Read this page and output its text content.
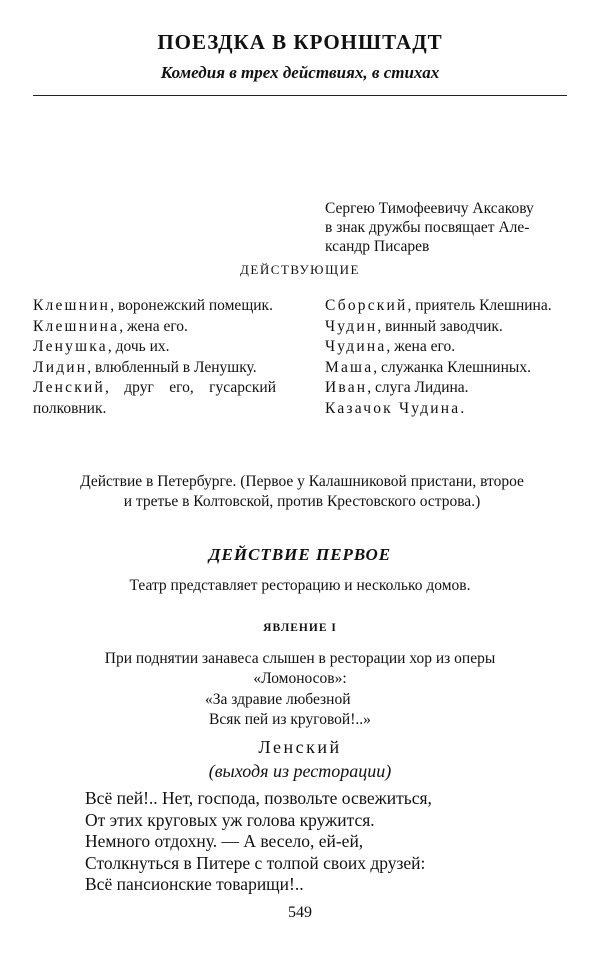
ПОЕЗДКА В КРОНШТАДТ
Комедия в трех действиях, в стихах
Сергею Тимофеевичу Аксакову
в знак дружбы посвящает Але-
ксандр Писарев
ДЕЙСТВУЮЩИЕ

Клешнин, воронежский помещик.

Клешнина, жена его.

Ленушка, дочь их.

Лидин, влюбленный в Ленушку.

Ленский, друг его, гусарский полковник.

Сборский, приятель Клешнина.

Чудин, винный заводчик.

Чудина, жена его.

Маша, служанка Клешниных.

Иван, слуга Лидина.

Казачок Чудина.

Действие в Петербурге. (Первое у Калашниковой пристани, второе
и третье в Колтовской, против Крестовского острова.)
ДЕЙСТВИЕ ПЕРВОЕ
Театр представляет ресторацию и несколько домов.
ЯВЛЕНИЕ I
При поднятии занавеса слышен в ресторации хор из оперы
«Ломоносов»:
«За здравие любезной
Всяк пей из круговой!..»
Ленский
(выходя из ресторации)
Всё пей!.. Нет, господа, позвольте освежиться,
От этих круговых уж голова кружится.
Немного отдохну. — А весело, ей-ей,
Столкнуться в Питере с толпой своих друзей:
Всё пансионские товарищи!..
549
